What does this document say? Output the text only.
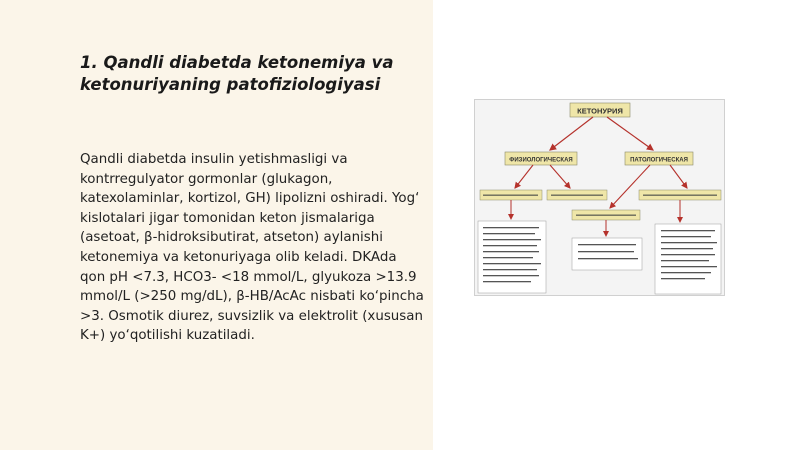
1. Qandli diabetda ketonemiya va ketonuriyaning patofiziologiyasi

Qandli diabetda insulin yetishmasligi va kontrregulyator gormonlar (glukagon, katexolaminlar, kortizol, GH) lipolizni oshiradi. Yog‘ kislotalari jigar tomonidan keton jismalariga (asetoat, β-hidroksibutirat, atseton) aylanishi ketonemiya va ketonuriyaga olib keladi. DKAda qon pH <7.3, HCO3- <18 mmol/L, glyukoza >13.9 mmol/L (>250 mg/dL), β-HB/AcAc nisbati ko‘pincha >3. Osmotik diurez, suvsizlik va elektrolit (xususan K+) yo‘qotilishi kuzatiladi.

КЕТОНУРИЯ
ФИЗИОЛОГИЧЕСКАЯ	ПАТОЛОГИЧЕСКАЯ
